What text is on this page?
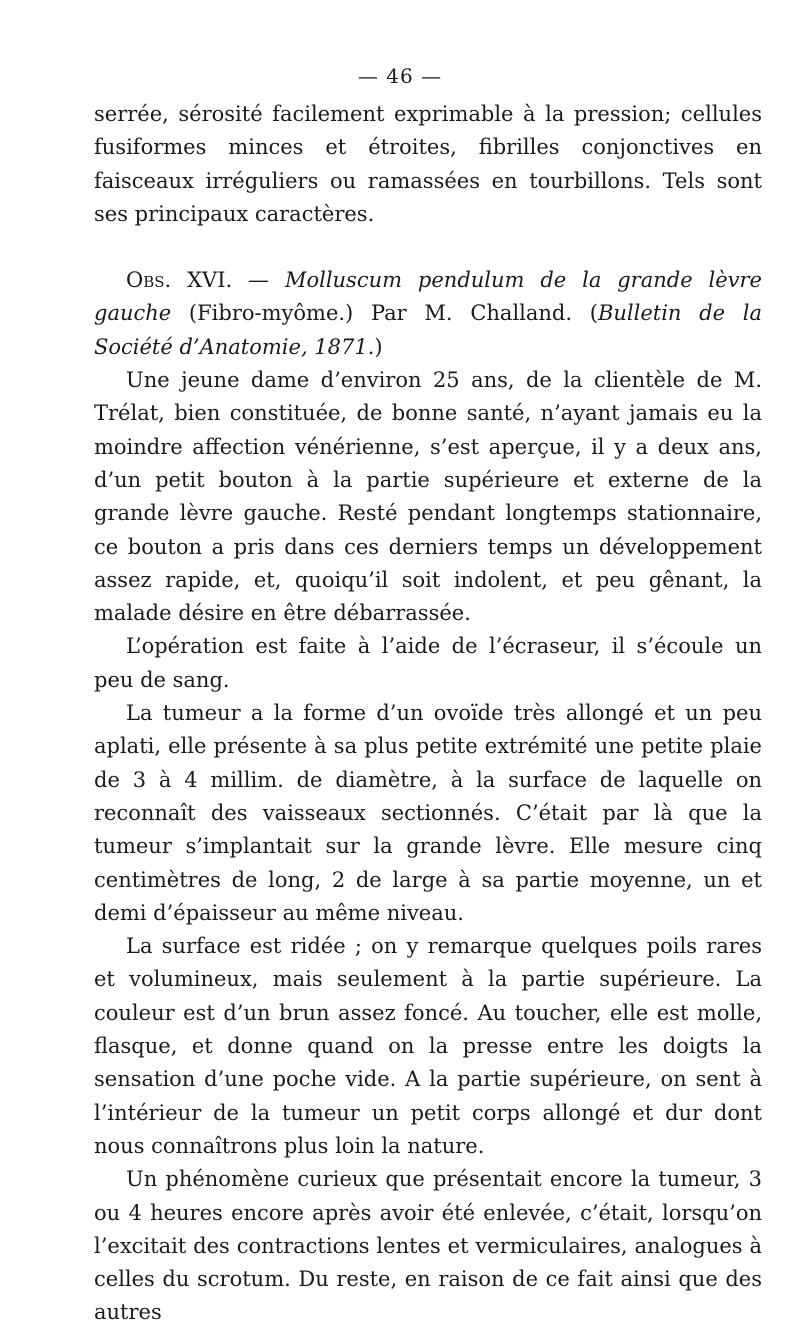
— 46 —

serrée, sérosité facilement exprimable à la pression; cellules fusiformes minces et étroites, fibrilles conjonctives en faisceaux irréguliers ou ramassées en tourbillons. Tels sont ses principaux caractères.

Obs. XVI. — Molluscum pendulum de la grande lèvre gauche (Fibro-myôme.) Par M. Challand. (Bulletin de la Société d’Anatomie, 1871.)

Une jeune dame d’environ 25 ans, de la clientèle de M. Trélat, bien constituée, de bonne santé, n’ayant jamais eu la moindre affection vénérienne, s’est aperçue, il y a deux ans, d’un petit bouton à la partie supérieure et externe de la grande lèvre gauche. Resté pendant longtemps stationnaire, ce bouton a pris dans ces derniers temps un développement assez rapide, et, quoiqu’il soit indolent, et peu gênant, la malade désire en être débarrassée.

L’opération est faite à l’aide de l’écraseur, il s’écoule un peu de sang.

La tumeur a la forme d’un ovoïde très allongé et un peu aplati, elle présente à sa plus petite extrémité une petite plaie de 3 à 4 millim. de diamètre, à la surface de laquelle on reconnaît des vaisseaux sectionnés. C’était par là que la tumeur s’implantait sur la grande lèvre. Elle mesure cinq centimètres de long, 2 de large à sa partie moyenne, un et demi d’épaisseur au même niveau.

La surface est ridée ; on y remarque quelques poils rares et volumineux, mais seulement à la partie supérieure. La couleur est d’un brun assez foncé. Au toucher, elle est molle, flasque, et donne quand on la presse entre les doigts la sensation d’une poche vide. A la partie supérieure, on sent à l’intérieur de la tumeur un petit corps allongé et dur dont nous connaîtrons plus loin la nature.

Un phénomène curieux que présentait encore la tumeur, 3 ou 4 heures encore après avoir été enlevée, c’était, lorsqu’on l’excitait des contractions lentes et vermiculaires, analogues à celles du scrotum. Du reste, en raison de ce fait ainsi que des autres
